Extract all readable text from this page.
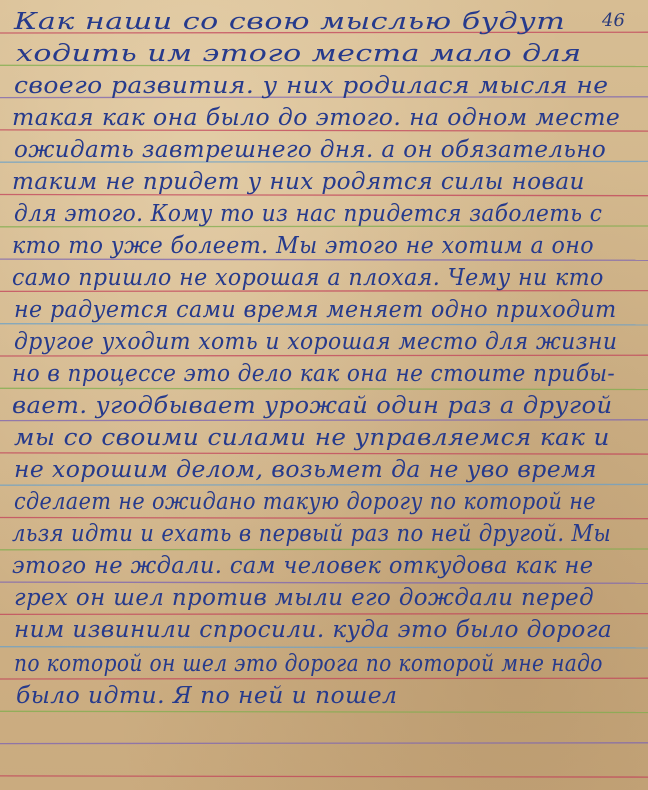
46
Как наши со свою мыслью будут
ходить им этого места мало для
своего развития. у них родилася мысля не
такая как она было до этого. на одном месте
ожидать завтрешнего дня. а он обязательно
таким не придет у них родятся силы новаи
для этого. Кому то из нас придется заболеть с
кто то уже болеет. Мы этого не хотим а оно
само пришло не хорошая а плохая. Чему ни кто
не радуется сами время меняет одно приходит
другое уходит хоть и хорошая место для жизни
но в процессе это дело как она не стоите прибы-
вает. угодбывает урожай один раз а другой
мы со своими силами не управляемся как и
не хорошим делом, возьмет да не уво время
сделает не ожидано такую дорогу по которой не
льзя идти и ехать в первый раз по ней другой. Мы
этого не ждали. сам человек откудова как не
грех он шел против мыли его дождали перед
ним извинили спросили. куда это было дорога
по которой он шел это дорога по которой мне надо
было идти. Я по ней и пошел
